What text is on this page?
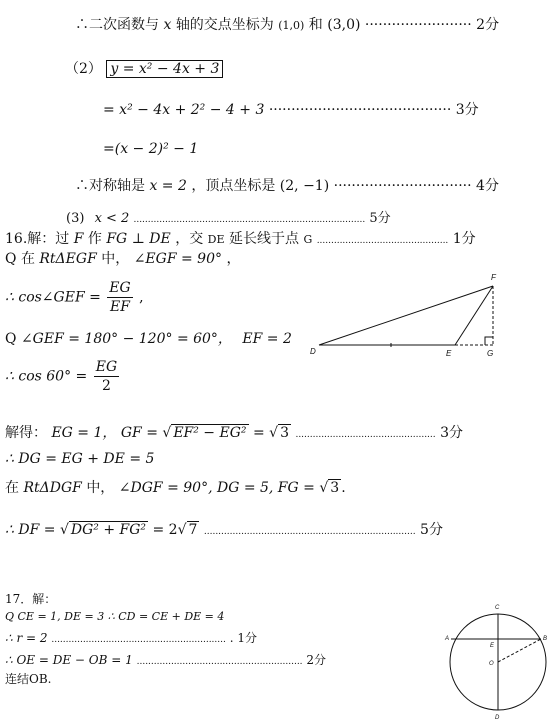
∴二次函数与 x 轴的交点坐标为 (1,0) 和 (3,0) ························ 2分
（2） y = x² − 4x + 3
= x² − 4x + 2² − 4 + 3 ········································· 3分
=(x − 2)² − 1
∴对称轴是 x = 2 ，顶点坐标是 (2, −1) ······························· 4分
(3) x < 2 ................................................................................. 5分
16.解：过 F 作 FG ⊥ DE ，交 DE 延长线于点 G .............................................. 1分
Q 在 RtΔEGF 中， ∠EGF = 90° ，
∴ cos∠GEF = $\frac{EG}{EF}$ ,
Q ∠GEF = 180° − 120° = 60°， EF = 2
∴ $\cos 60^\circ = \frac{EG}{2}$
解得： EG = 1， GF = √ EF² − EG² = √ 3 ................................................. 3分
∴ DG = EG + DE = 5
在 RtΔDGF 中， ∠DGF = 90°, DG = 5, FG = √ 3 .
∴ DF = √ DG² + FG² = 2√ 7 .......................................................................... 5分
F
D	E	G
17．解：
Q CE = 1, DE = 3 ∴ CD = CE + DE = 4
∴ r = 2 ............................................................. . 1分
∴ OE = DE − OB = 1 .......................................................... 2分
连结OB.
C
A	B
E
O
D
